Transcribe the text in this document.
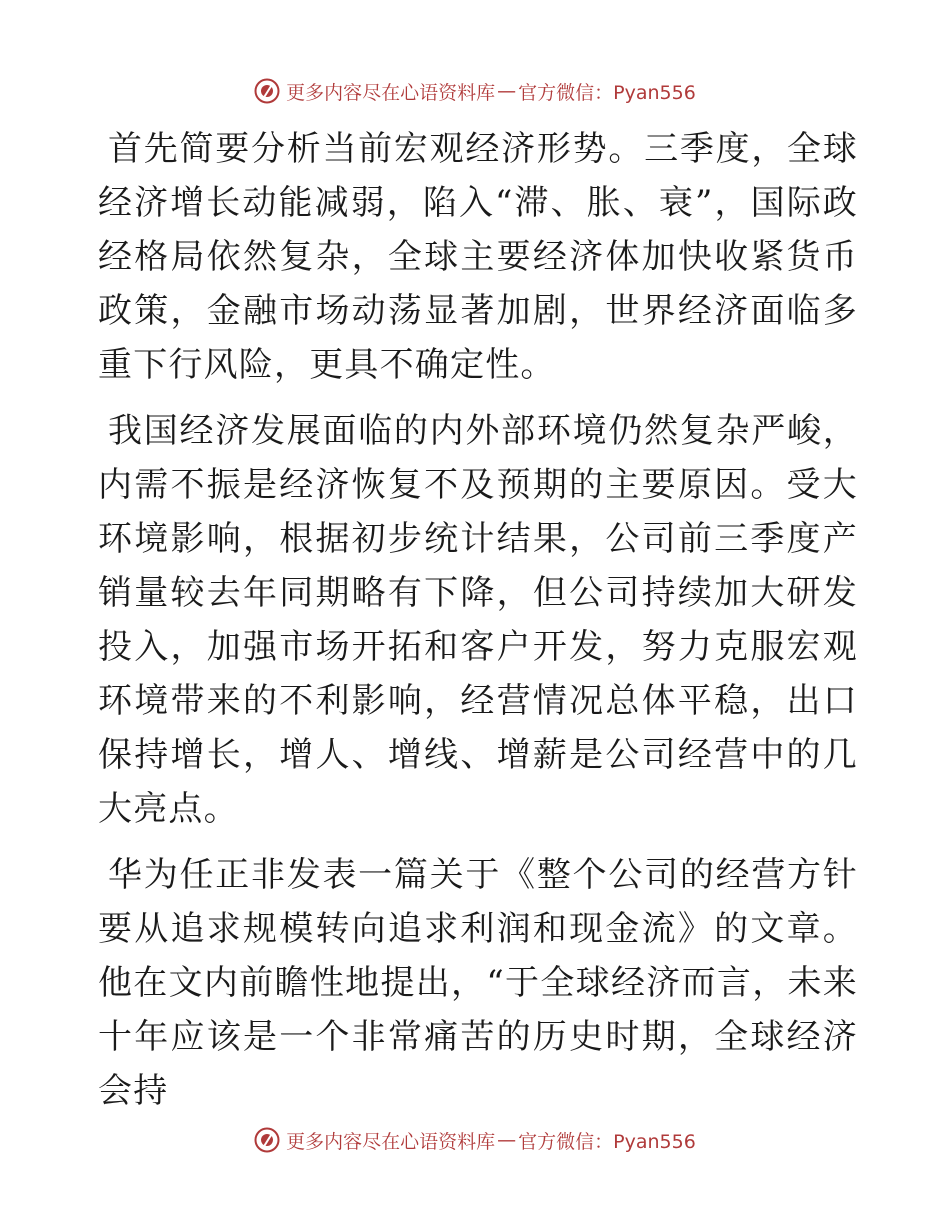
更多内容尽在心语资料库 — 官方微信：Pyan556

首先简要分析当前宏观经济形势。三季度，全球经济增长动能减弱，陷入“滞、胀、衰”，国际政经格局依然复杂，全球主要经济体加快收紧货币政策，金融市场动荡显著加剧，世界经济面临多重下行风险，更具不确定性。

我国经济发展面临的内外部环境仍然复杂严峻，内需不振是经济恢复不及预期的主要原因。受大环境影响，根据初步统计结果，公司前三季度产销量较去年同期略有下降，但公司持续加大研发投入，加强市场开拓和客户开发，努力克服宏观环境带来的不利影响，经营情况总体平稳，出口保持增长，增人、增线、增薪是公司经营中的几大亮点。

华为任正非发表一篇关于《整个公司的经营方针要从追求规模转向追求利润和现金流》的文章。他在文内前瞻性地提出，“于全球经济而言，未来十年应该是一个非常痛苦的历史时期，全球经济会持

更多内容尽在心语资料库 — 官方微信：Pyan556
